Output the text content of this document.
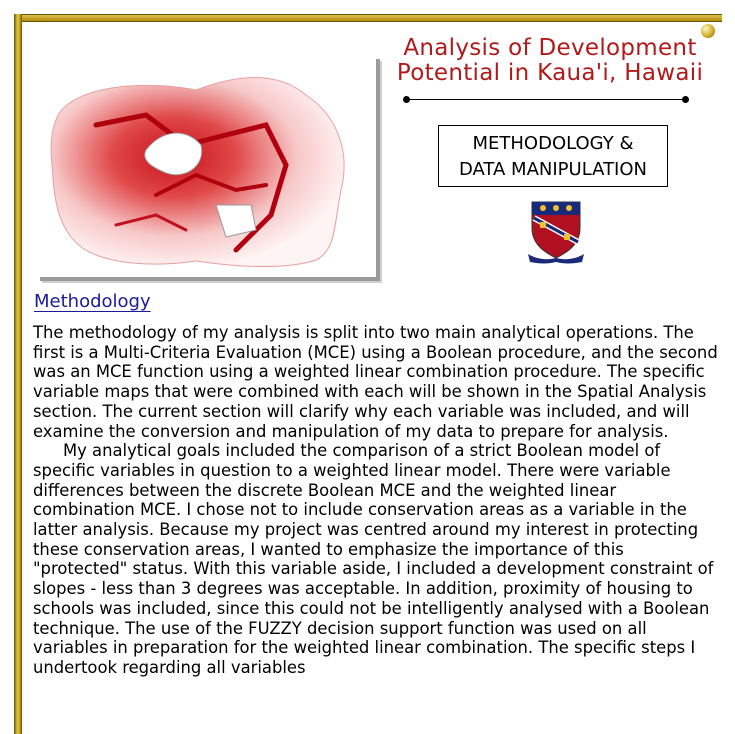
Analysis of Development
Potential in Kaua'i, Hawaii
METHODOLOGY &
DATA MANIPULATION
Methodology

The methodology of my analysis is split into two main analytical operations. The first is a Multi-Criteria Evaluation (MCE) using a Boolean procedure, and the second was an MCE function using a weighted linear combination procedure. The specific variable maps that were combined with each will be shown in the Spatial Analysis section. The current section will clarify why each variable was included, and will examine the conversion and manipulation of my data to prepare for analysis.

My analytical goals included the comparison of a strict Boolean model of specific variables in question to a weighted linear model. There were variable differences between the discrete Boolean MCE and the weighted linear combination MCE. I chose not to include conservation areas as a variable in the latter analysis. Because my project was centred around my interest in protecting these conservation areas, I wanted to emphasize the importance of this "protected" status. With this variable aside, I included a development constraint of slopes - less than 3 degrees was acceptable. In addition, proximity of housing to schools was included, since this could not be intelligently analysed with a Boolean technique. The use of the FUZZY decision support function was used on all variables in preparation for the weighted linear combination. The specific steps I undertook regarding all variables
